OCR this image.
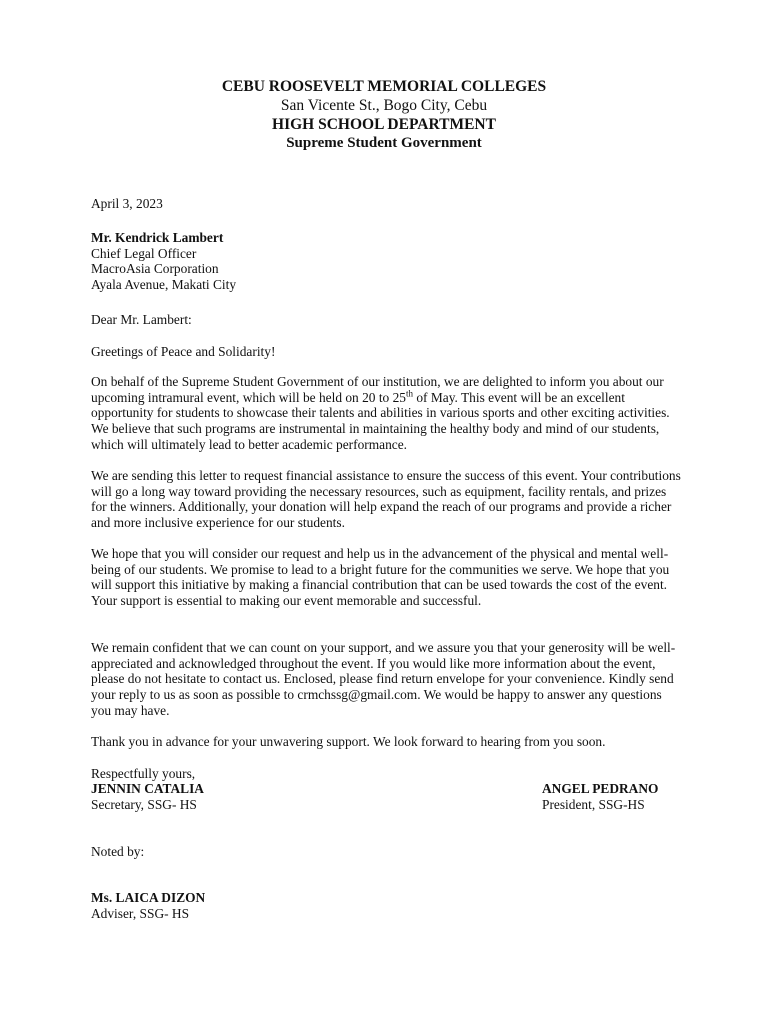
CEBU ROOSEVELT MEMORIAL COLLEGES
San Vicente St., Bogo City, Cebu
HIGH SCHOOL DEPARTMENT
Supreme Student Government
April 3, 2023
Mr. Kendrick Lambert
Chief Legal Officer
MacroAsia Corporation
Ayala Avenue, Makati City
Dear Mr. Lambert:
Greetings of Peace and Solidarity!
On behalf of the Supreme Student Government of our institution, we are delighted to inform you about our upcoming intramural event, which will be held on 20 to 25th of May. This event will be an excellent opportunity for students to showcase their talents and abilities in various sports and other exciting activities. We believe that such programs are instrumental in maintaining the healthy body and mind of our students, which will ultimately lead to better academic performance.
We are sending this letter to request financial assistance to ensure the success of this event. Your contributions will go a long way toward providing the necessary resources, such as equipment, facility rentals, and prizes for the winners. Additionally, your donation will help expand the reach of our programs and provide a richer and more inclusive experience for our students.
We hope that you will consider our request and help us in the advancement of the physical and mental well-being of our students. We promise to lead to a bright future for the communities we serve. We hope that you will support this initiative by making a financial contribution that can be used towards the cost of the event. Your support is essential to making our event memorable and successful.
We remain confident that we can count on your support, and we assure you that your generosity will be well-appreciated and acknowledged throughout the event. If you would like more information about the event, please do not hesitate to contact us. Enclosed, please find return envelope for your convenience. Kindly send your reply to us as soon as possible to crmchssg@gmail.com. We would be happy to answer any questions you may have.
Thank you in advance for your unwavering support. We look forward to hearing from you soon.
Respectfully yours,
JENNIN CATALIA
Secretary, SSG- HS
ANGEL PEDRANO
President, SSG-HS
Noted by:
Ms. LAICA DIZON
Adviser, SSG- HS
